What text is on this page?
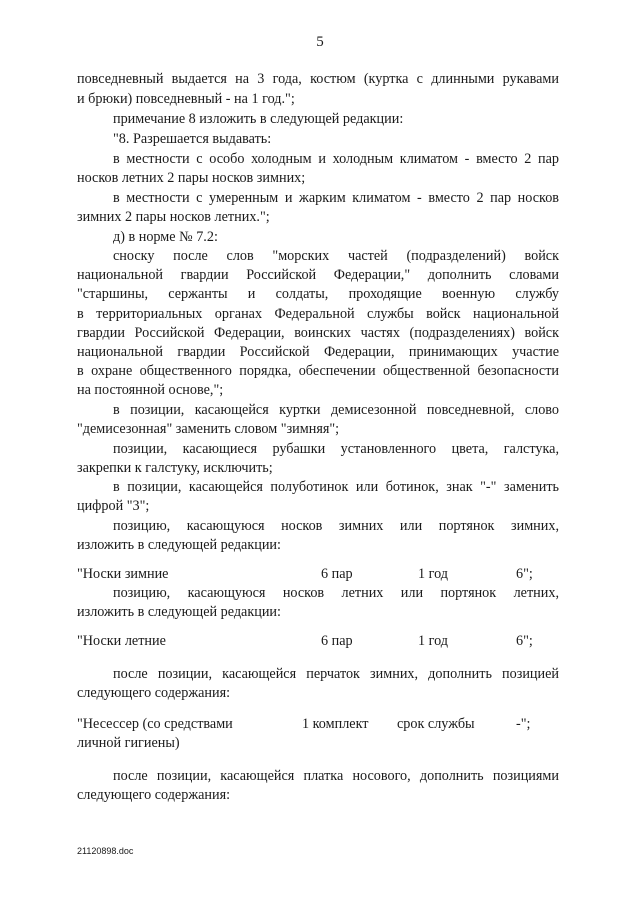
5
повседневный выдается на 3 года, костюм (куртка с длинными рукавами
и брюки) повседневный - на 1 год.";
примечание 8 изложить в следующей редакции:
"8. Разрешается выдавать:
в местности с особо холодным и холодным климатом - вместо 2 пар
носков летних 2 пары носков зимних;
в местности с умеренным и жарким климатом - вместо 2 пар носков
зимних 2 пары носков летних.";
д) в норме № 7.2:
сноску после слов "морских частей (подразделений) войск
национальной гвардии Российской Федерации," дополнить словами
"старшины, сержанты и солдаты, проходящие военную службу
в территориальных органах Федеральной службы войск национальной
гвардии Российской Федерации, воинских частях (подразделениях) войск
национальной гвардии Российской Федерации, принимающих участие
в охране общественного порядка, обеспечении общественной безопасности
на постоянной основе,";
в позиции, касающейся куртки демисезонной повседневной, слово
"демисезонная" заменить словом "зимняя";
позиции, касающиеся рубашки установленного цвета, галстука,
закрепки к галстуку, исключить;
в позиции, касающейся полуботинок или ботинок, знак "-" заменить
цифрой "3";
позицию, касающуюся носков зимних или портянок зимних,
изложить в следующей редакции:
"Носки зимние	6 пар	1 год	6";
позицию, касающуюся носков летних или портянок летних,
изложить в следующей редакции:
"Носки летние	6 пар	1 год	6";
после позиции, касающейся перчаток зимних, дополнить позицией
следующего содержания:
"Несессер (со средствами
личной гигиены)
1 комплект срок службы	-";
после позиции, касающейся платка носового, дополнить позициями
следующего содержания:
21120898.doc
